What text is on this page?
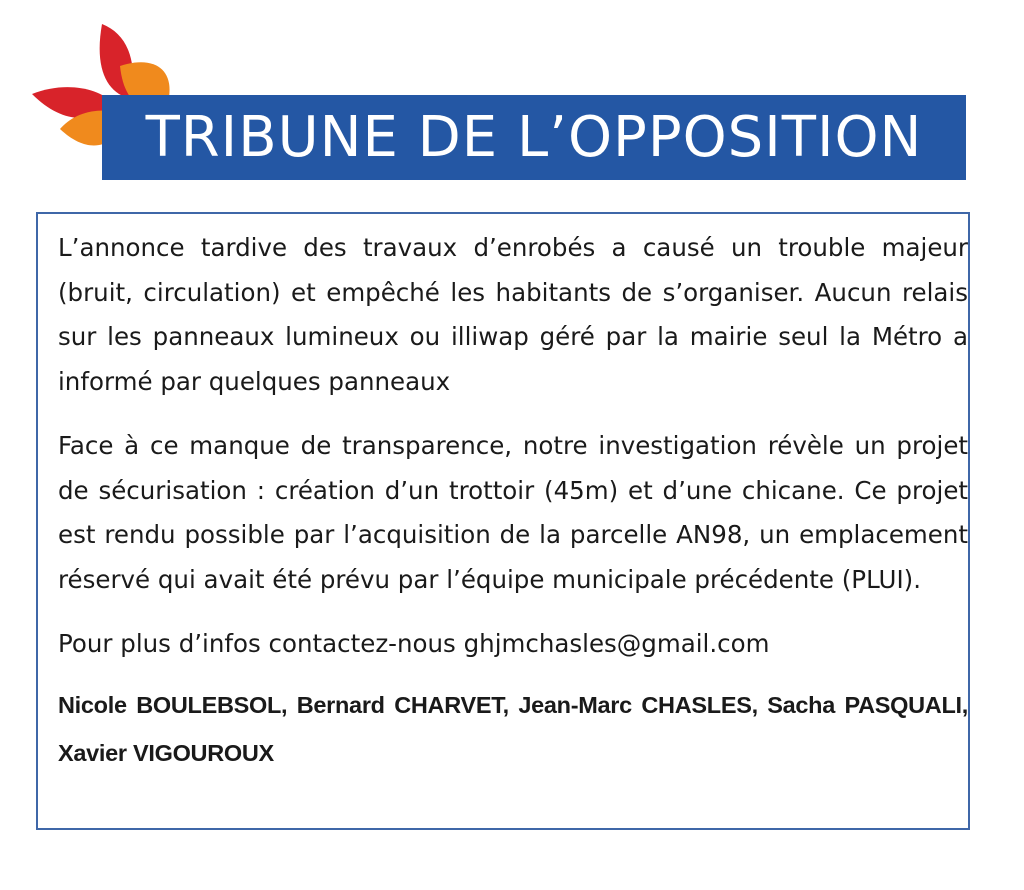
TRIBUNE DE L’OPPOSITION

L’annonce tardive des travaux d’enrobés a causé un trouble majeur (bruit, circulation) et empêché les habitants de s’organiser. Aucun relais sur les panneaux lumineux ou illiwap géré par la mairie seul la Métro a informé par quelques panneaux

Face à ce manque de transparence, notre investigation révèle un projet de sécurisation : création d’un trottoir (45m) et d’une chicane. Ce projet est rendu possible par l’acquisition de la parcelle AN98, un emplacement réservé qui avait été prévu par l’équipe municipale précédente (PLUI).

Pour plus d’infos contactez-nous ghjmchasles@gmail.com

Nicole BOULEBSOL, Bernard CHARVET, Jean-Marc CHASLES, Sacha PASQUALI, Xavier VIGOUROUX
